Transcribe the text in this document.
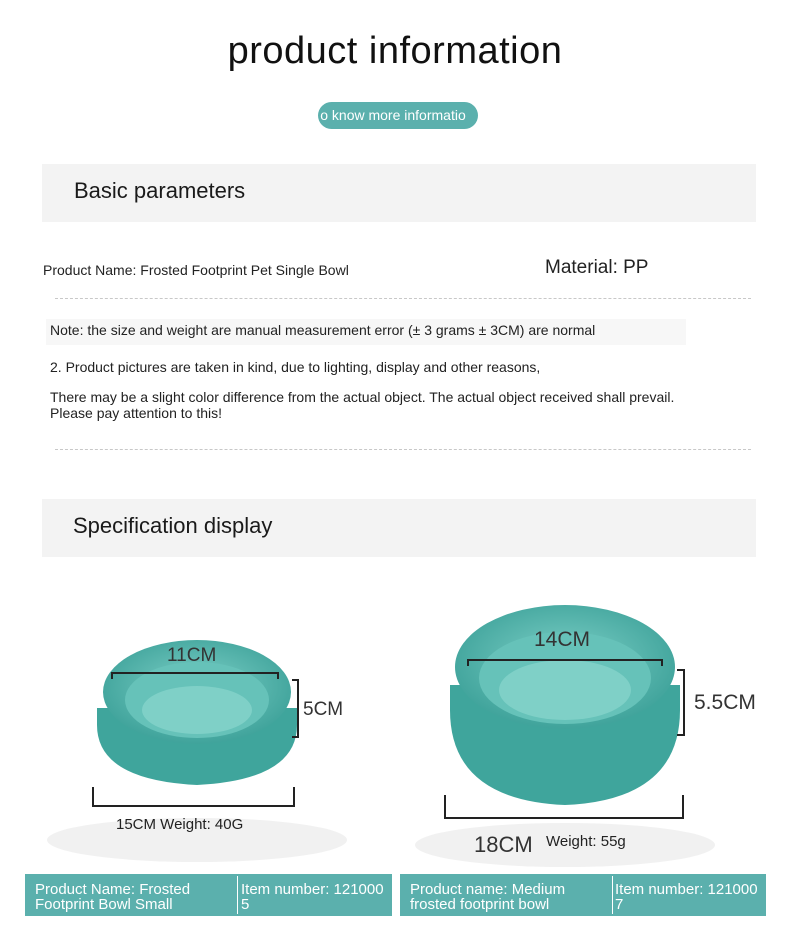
product information
o know more informatio
Basic parameters
Product Name: Frosted Footprint Pet Single Bowl	Material: PP
Note: the size and weight are manual measurement error (± 3 grams ± 3CM) are normal
2. Product pictures are taken in kind, due to lighting, display and other reasons,
There may be a slight color difference from the actual object. The actual object received shall prevail. Please pay attention to this!
Specification display
11CM
5CM
15CM Weight: 40G
14CM
5.5CM
18CM Weight: 55g
Product Name: Frosted Footprint Bowl Small
Item number: 1210005
Product name: Medium frosted footprint bowl
Item number: 1210007
